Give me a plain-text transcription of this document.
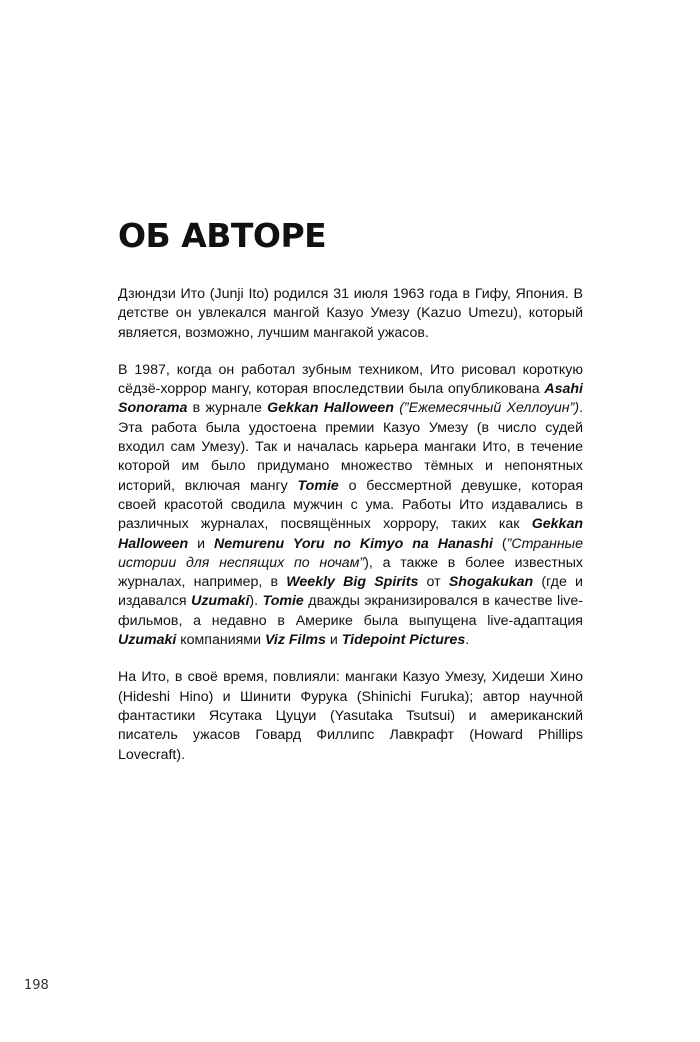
ОБ АВТОРЕ

Дзюндзи Ито (Junji Ito) родился 31 июля 1963 года в Гифу, Япония. В детстве он увлекался мангой Казуо Умезу (Kazuo Umezu), который является, возможно, лучшим мангакой ужасов.

В 1987, когда он работал зубным техником, Ито рисовал короткую сёдзё-хоррор мангу, которая впоследствии была опубликована Asahi Sonorama в журнале Gekkan Halloween (”Ежемесячный Хеллоуин”). Эта работа была удостоена премии Казуо Умезу (в число судей входил сам Умезу). Так и началась карьера мангаки Ито, в течение которой им было придумано множество тёмных и непонятных историй, включая мангу Tomie о бессмертной девушке, которая своей красотой сводила мужчин с ума. Работы Ито издавались в различных журналах, посвящённых хоррору, таких как Gekkan Halloween и Nemurenu Yoru no Kimyo na Hanashi (”Странные истории для неспящих по ночам”), а также в более известных журналах, например, в Weekly Big Spirits от Shogakukan (где и издавался Uzumaki). Tomie дважды экранизировался в качестве live-фильмов, а недавно в Америке была выпущена live-адаптация Uzumaki компаниями Viz Films и Tidepoint Pictures.

На Ито, в своё время, повлияли: мангаки Казуо Умезу, Хидеши Хино (Hideshi Hino) и Шинити Фурука (Shinichi Furuka); автор научной фантастики Ясутака Цуцуи (Yasutaka Tsutsui) и американский писатель ужасов Говард Филлипс Лавкрафт (Howard Phillips Lovecraft).

198
